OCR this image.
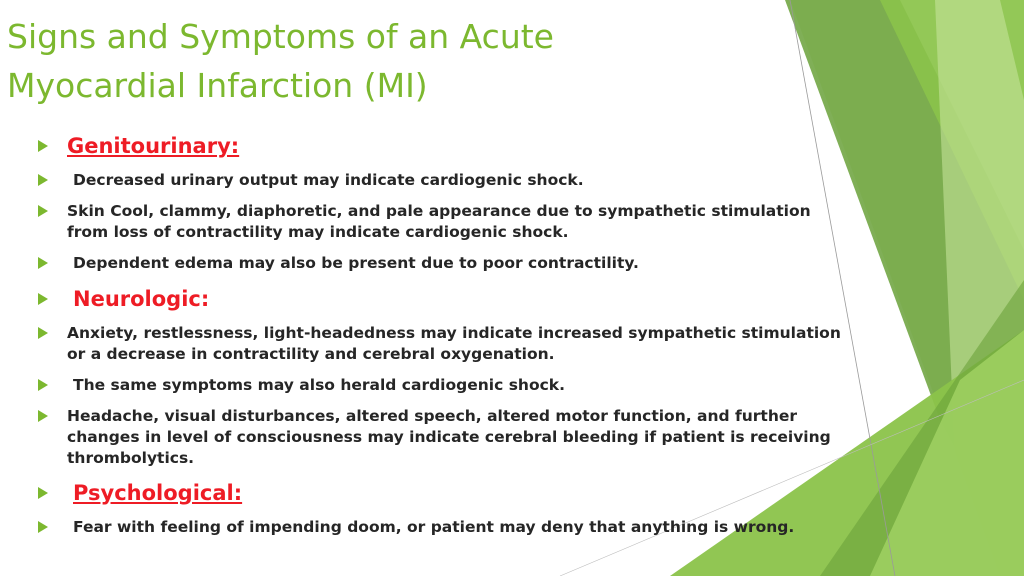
Signs and Symptoms of an Acute
Myocardial Infarction (MI)
Genitourinary:
Decreased urinary output may indicate cardiogenic shock.
Skin Cool, clammy, diaphoretic, and pale appearance due to sympathetic stimulation from loss of contractility may indicate cardiogenic shock.
Dependent edema may also be present due to poor contractility.
Neurologic:
Anxiety, restlessness, light-headedness may indicate increased sympathetic stimulation or a decrease in contractility and cerebral oxygenation.
The same symptoms may also herald cardiogenic shock.
Headache, visual disturbances, altered speech, altered motor function, and further changes in level of consciousness may indicate cerebral bleeding if patient is receiving thrombolytics.
Psychological:
Fear with feeling of impending doom, or patient may deny that anything is wrong.
